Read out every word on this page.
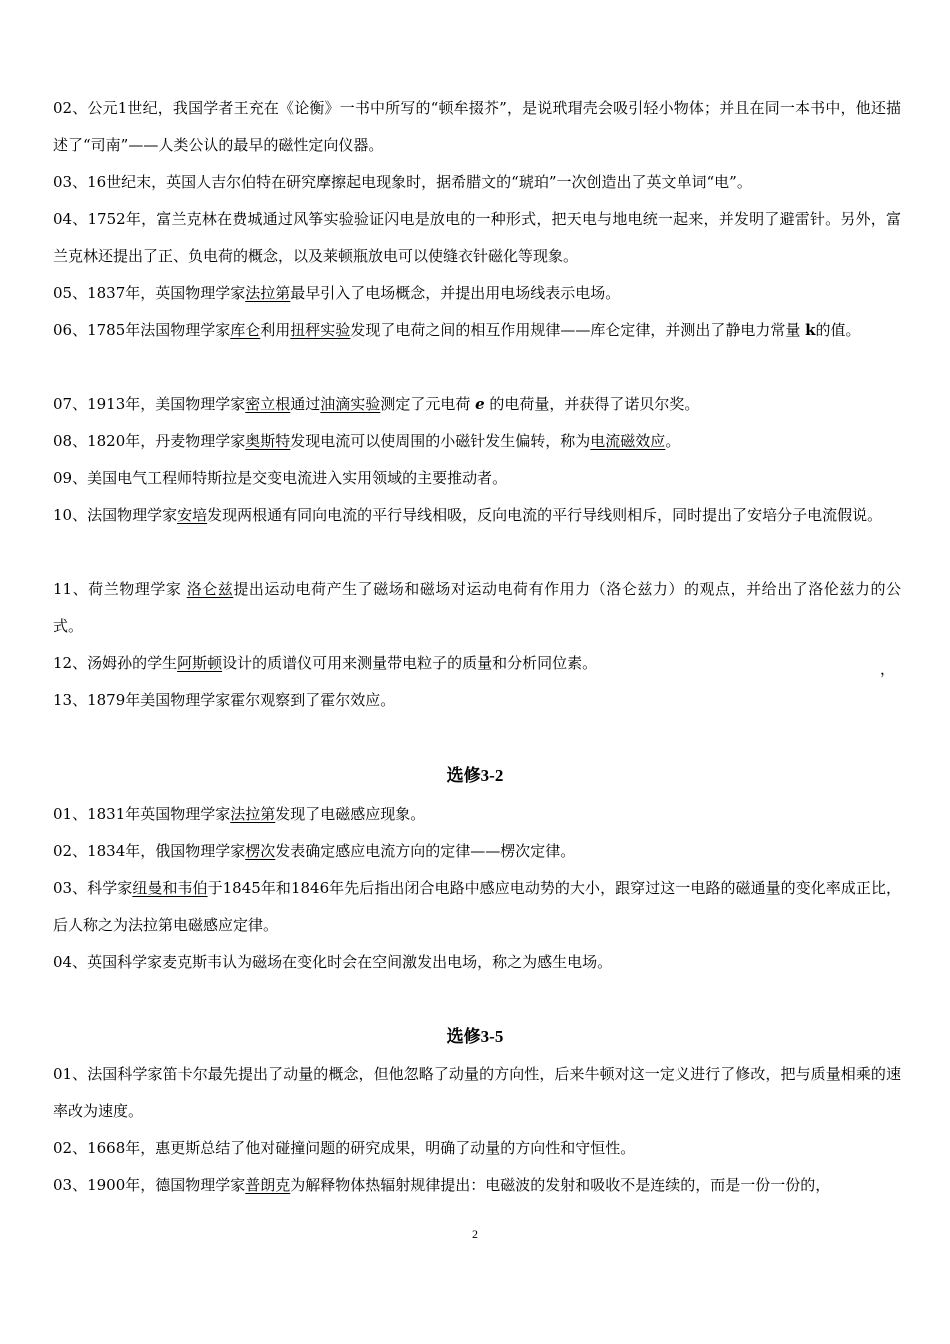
02、公元1世纪，我国学者王充在《论衡》一书中所写的“顿牟掇芥”，是说玳瑁壳会吸引轻小物体；并且在同一本书中，他还描述了“司南”——人类公认的最早的磁性定向仪器。

03、16世纪末，英国人吉尔伯特在研究摩擦起电现象时，据希腊文的“琥珀”一次创造出了英文单词“电”。

04、1752年，富兰克林在费城通过风筝实验验证闪电是放电的一种形式，把天电与地电统一起来，并发明了避雷针。另外，富兰克林还提出了正、负电荷的概念，以及莱顿瓶放电可以使缝衣针磁化等现象。

05、1837年，英国物理学家法拉第最早引入了电场概念，并提出用电场线表示电场。

06、1785年法国物理学家库仑利用扭秤实验发现了电荷之间的相互作用规律——库仑定律，并测出了静电力常量 k的值。

07、1913年，美国物理学家密立根通过油滴实验测定了元电荷 e 的电荷量，并获得了诺贝尔奖。

08、1820年，丹麦物理学家奥斯特发现电流可以使周围的小磁针发生偏转，称为电流磁效应。

09、美国电气工程师特斯拉是交变电流进入实用领域的主要推动者。

10、法国物理学家安培发现两根通有同向电流的平行导线相吸，反向电流的平行导线则相斥，同时提出了安培分子电流假说。

11、荷兰物理学家 洛仑兹提出运动电荷产生了磁场和磁场对运动电荷有作用力（洛仑兹力）的观点，并给出了洛伦兹力的公式。

12、汤姆孙的学生阿斯顿设计的质谱仪可用来测量带电粒子的质量和分析同位素。	，

13、1879年美国物理学家霍尔观察到了霍尔效应。

选修3-2

01、1831年英国物理学家法拉第发现了电磁感应现象。

02、1834年，俄国物理学家楞次发表确定感应电流方向的定律——楞次定律。

03、科学家纽曼和韦伯于1845年和1846年先后指出闭合电路中感应电动势的大小，跟穿过这一电路的磁通量的变化率成正比，后人称之为法拉第电磁感应定律。

04、英国科学家麦克斯韦认为磁场在变化时会在空间激发出电场，称之为感生电场。

选修3-5

01、法国科学家笛卡尔最先提出了动量的概念，但他忽略了动量的方向性，后来牛顿对这一定义进行了修改，把与质量相乘的速率改为速度。

02、1668年，惠更斯总结了他对碰撞问题的研究成果，明确了动量的方向性和守恒性。

03、1900年，德国物理学家普朗克为解释物体热辐射规律提出：电磁波的发射和吸收不是连续的，而是一份一份的，

2
